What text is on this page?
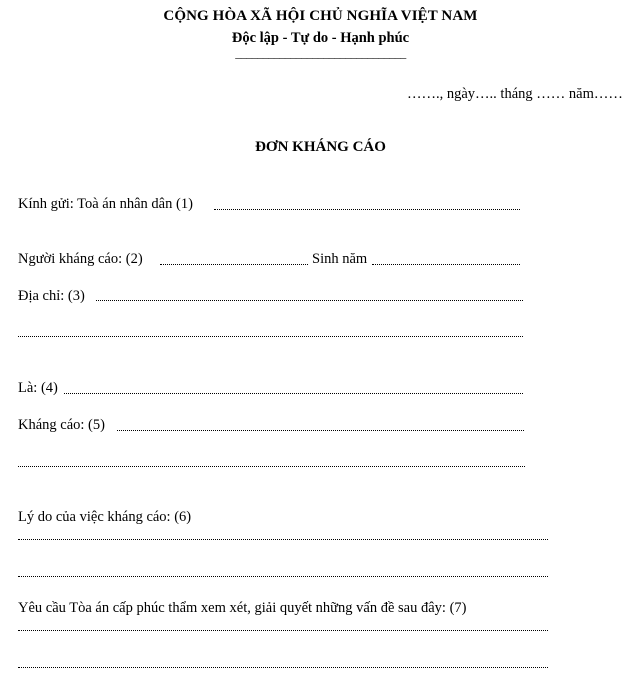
CỘNG HÒA XÃ HỘI CHỦ NGHĨA VIỆT NAM
Độc lập - Tự do - Hạnh phúc
_______________________________
……., ngày….. tháng …… năm……
ĐƠN KHÁNG CÁO
Kính gửi: Toà án nhân dân (1)
Người kháng cáo: (2)	Sinh năm
Địa chỉ: (3)
Là: (4)
Kháng cáo: (5)
Lý do của việc kháng cáo: (6)
Yêu cầu Tòa án cấp phúc thẩm xem xét, giải quyết những vấn đề sau đây: (7)
